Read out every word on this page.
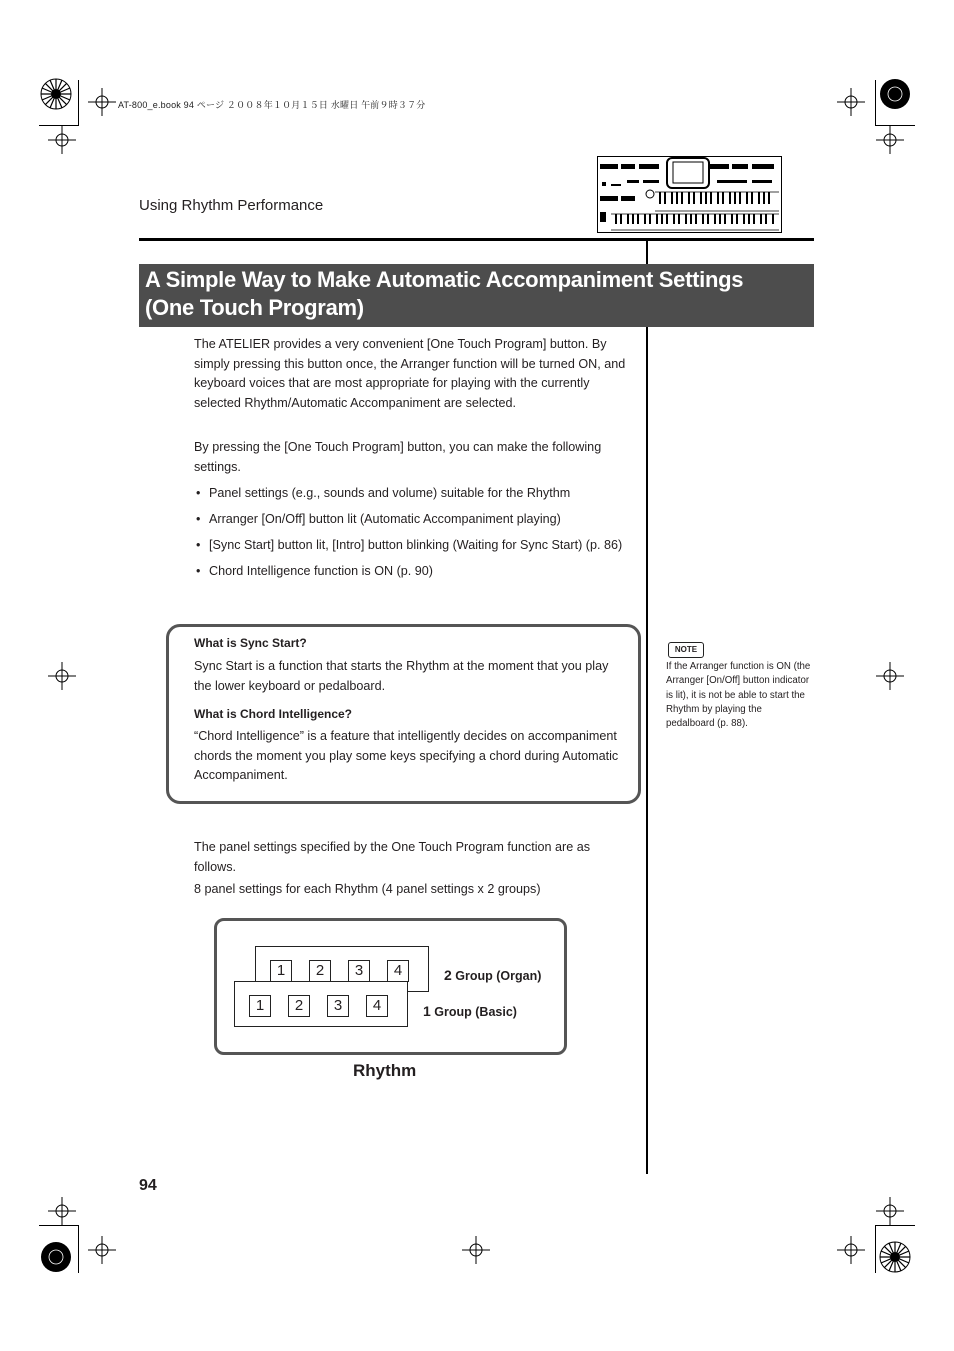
AT-800_e.book 94 ページ ２００８年１０月１５日 水曜日 午前９時３７分
Using Rhythm Performance
A Simple Way to Make Automatic Accompaniment Settings
(One Touch Program)
The ATELIER provides a very convenient [One Touch Program] button. By simply pressing this button once, the Arranger function will be turned ON, and keyboard voices that are most appropriate for playing with the currently selected Rhythm/Automatic Accompaniment are selected.
By pressing the [One Touch Program] button, you can make the following settings.
• Panel settings (e.g., sounds and volume) suitable for the Rhythm
• Arranger [On/Off] button lit (Automatic Accompaniment playing)
• [Sync Start] button lit, [Intro] button blinking (Waiting for Sync Start) (p. 86)
• Chord Intelligence function is ON (p. 90)
What is Sync Start?
Sync Start is a function that starts the Rhythm at the moment that you play the lower keyboard or pedalboard.
What is Chord Intelligence?
“Chord Intelligence” is a feature that intelligently decides on accompaniment chords the moment you play some keys specifying a chord during Automatic Accompaniment.
NOTE
If the Arranger function is ON (the Arranger [On/Off] button indicator is lit), it is not be able to start the Rhythm by playing the pedalboard (p. 88).
The panel settings specified by the One Touch Program function are as follows.
8 panel settings for each Rhythm (4 panel settings x 2 groups)
1	2	3	4
1	2	3	4
2 Group (Organ)
1 Group (Basic)
Rhythm
94
